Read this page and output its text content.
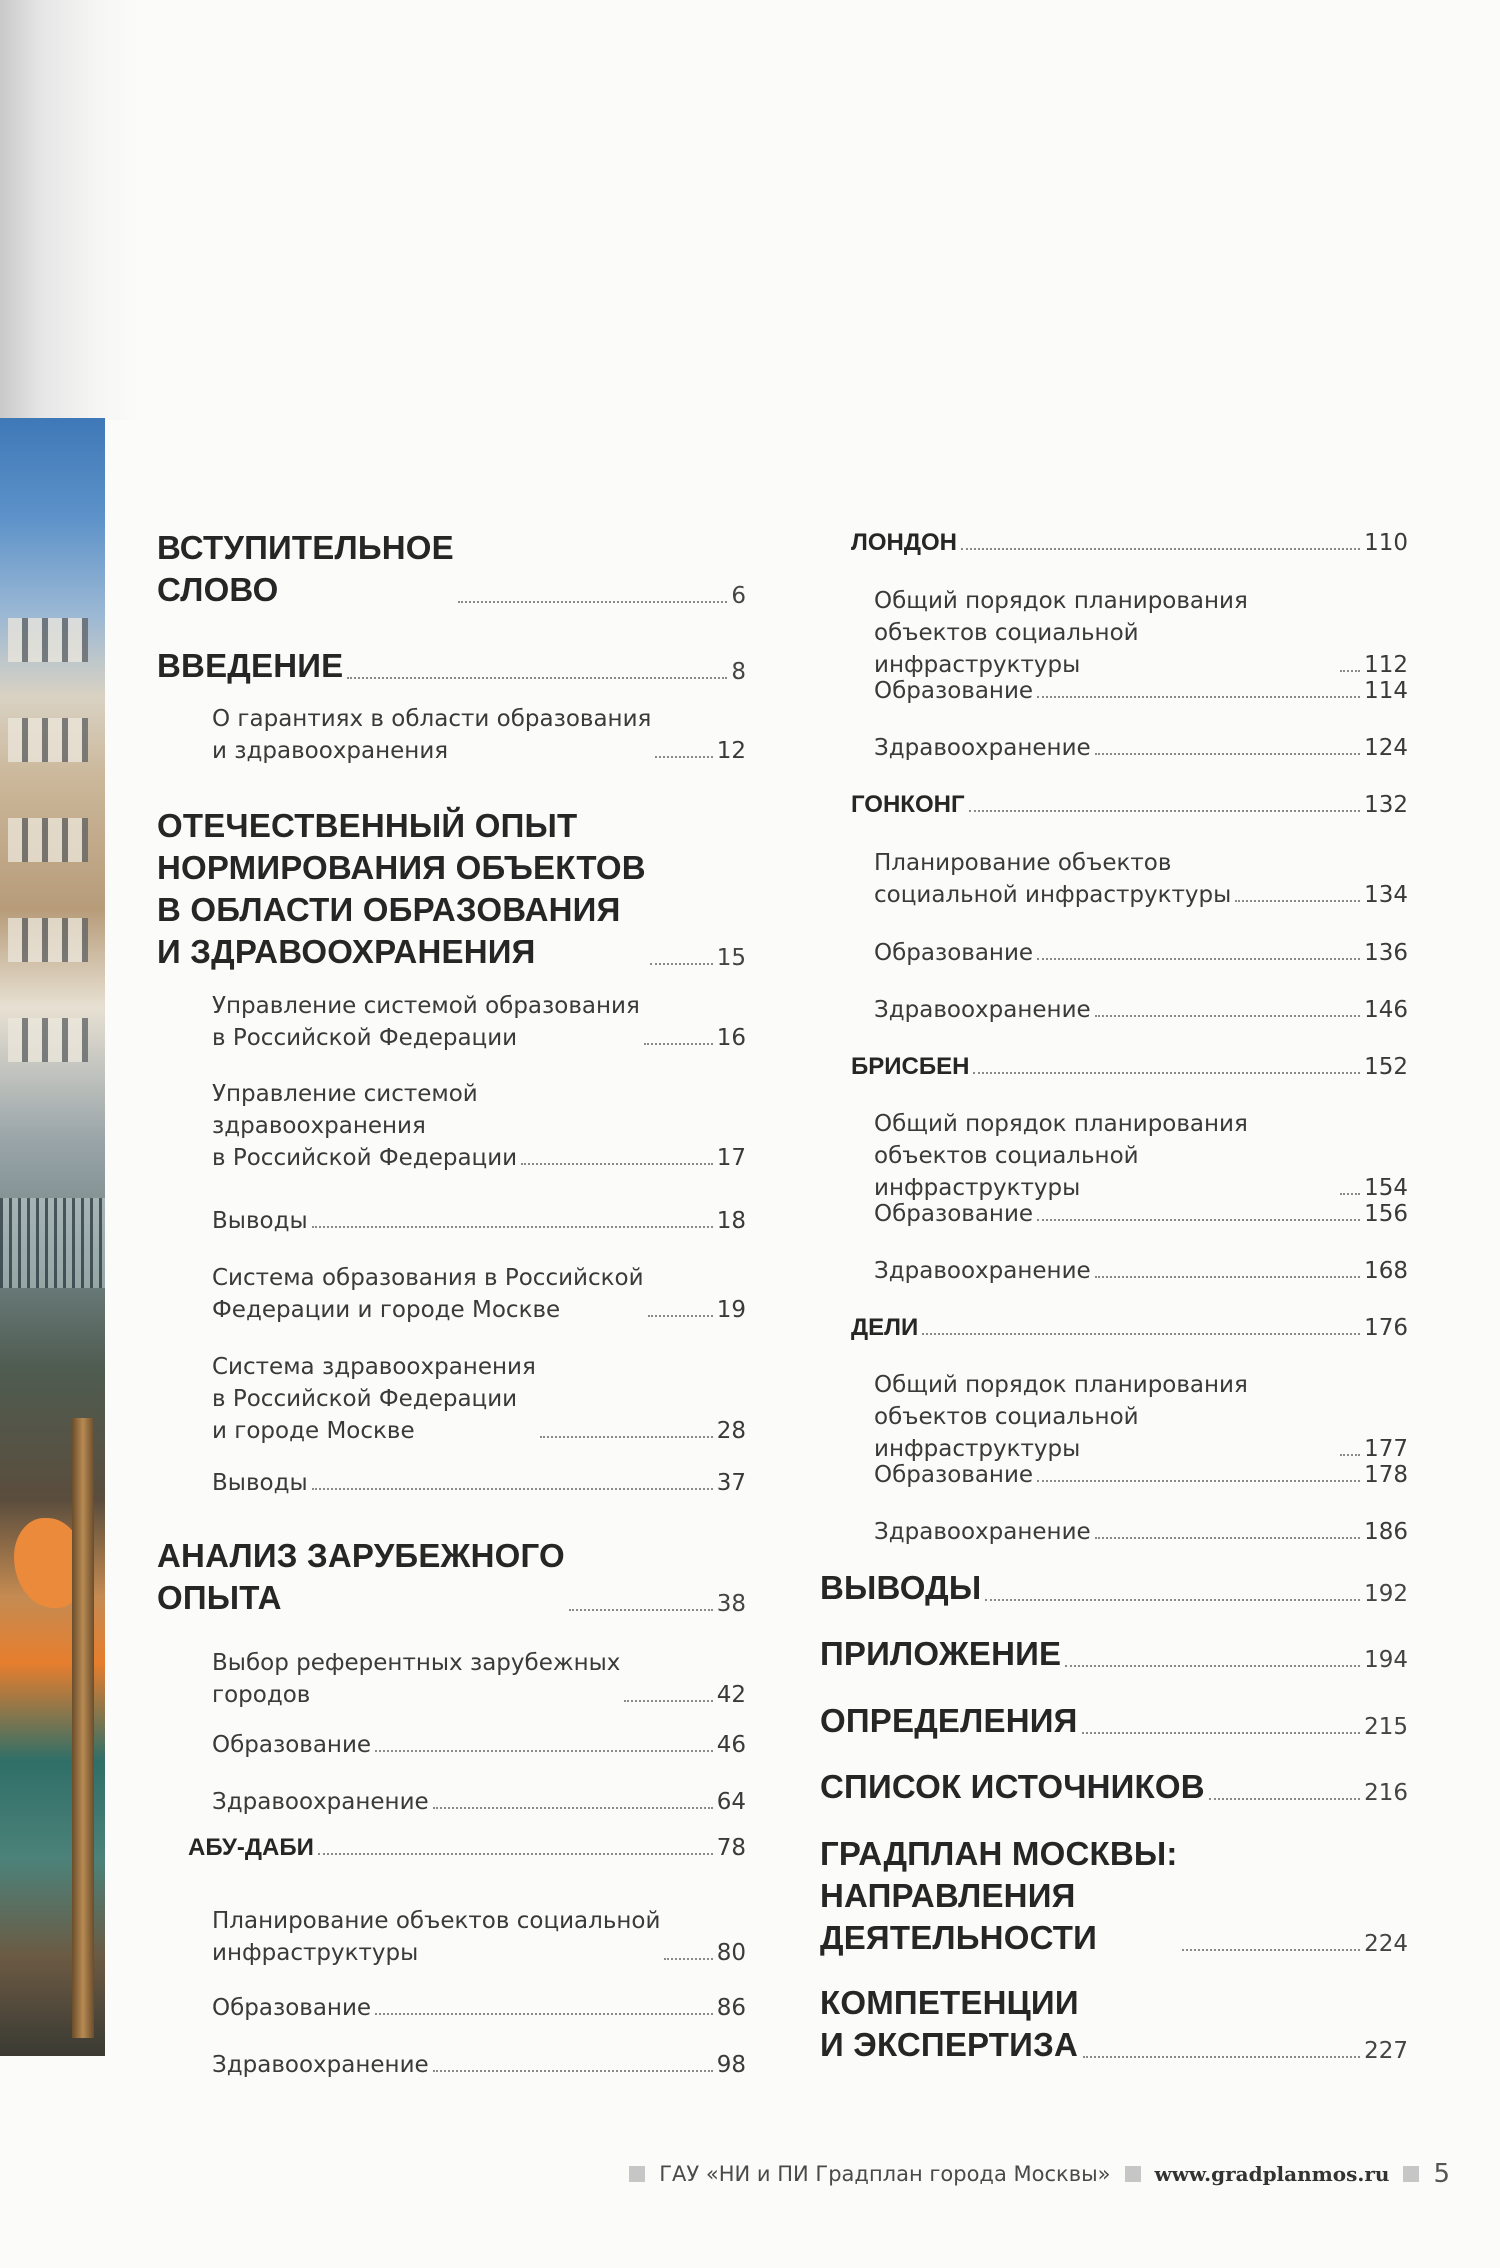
ВСТУПИТЕЛЬНОЕ
СЛОВО	6
ВВЕДЕНИЕ	8
О гарантиях в области образования
и здравоохранения	12
ОТЕЧЕСТВЕННЫЙ ОПЫТ
НОРМИРОВАНИЯ ОБЪЕКТОВ
В ОБЛАСТИ ОБРАЗОВАНИЯ
И ЗДРАВООХРАНЕНИЯ	15
Управление системой образования
в Российской Федерации	16
Управление системой
здравоохранения
в Российской Федерации	17
Выводы	18
Система образования в Российской
Федерации и городе Москве	19
Система здравоохранения
в Российской Федерации
и городе Москве	28
Выводы	37
АНАЛИЗ ЗАРУБЕЖНОГО
ОПЫТА	38
Выбор референтных зарубежных
городов	42
Образование	46
Здравоохранение	64
АБУ-ДАБИ	78
Планирование объектов социальной
инфраструктуры	80
Образование	86
Здравоохранение	98
ЛОНДОН	110
Общий порядок планирования
объектов социальной инфраструктуры	112
Образование	114
Здравоохранение	124
ГОНКОНГ	132
Планирование объектов
социальной инфраструктуры	134
Образование	136
Здравоохранение	146
БРИСБЕН	152
Общий порядок планирования
объектов социальной инфраструктуры	154
Образование	156
Здравоохранение	168
ДЕЛИ	176
Общий порядок планирования
объектов социальной инфраструктуры	177
Образование	178
Здравоохранение	186
ВЫВОДЫ	192
ПРИЛОЖЕНИЕ	194
ОПРЕДЕЛЕНИЯ	215
СПИСОК ИСТОЧНИКОВ	216
ГРАДПЛАН МОСКВЫ:
НАПРАВЛЕНИЯ
ДЕЯТЕЛЬНОСТИ	224
КОМПЕТЕНЦИИ
И ЭКСПЕРТИЗА	227
ГАУ «НИ и ПИ Градплан города Москвы» www.gradplanmos.ru 5
